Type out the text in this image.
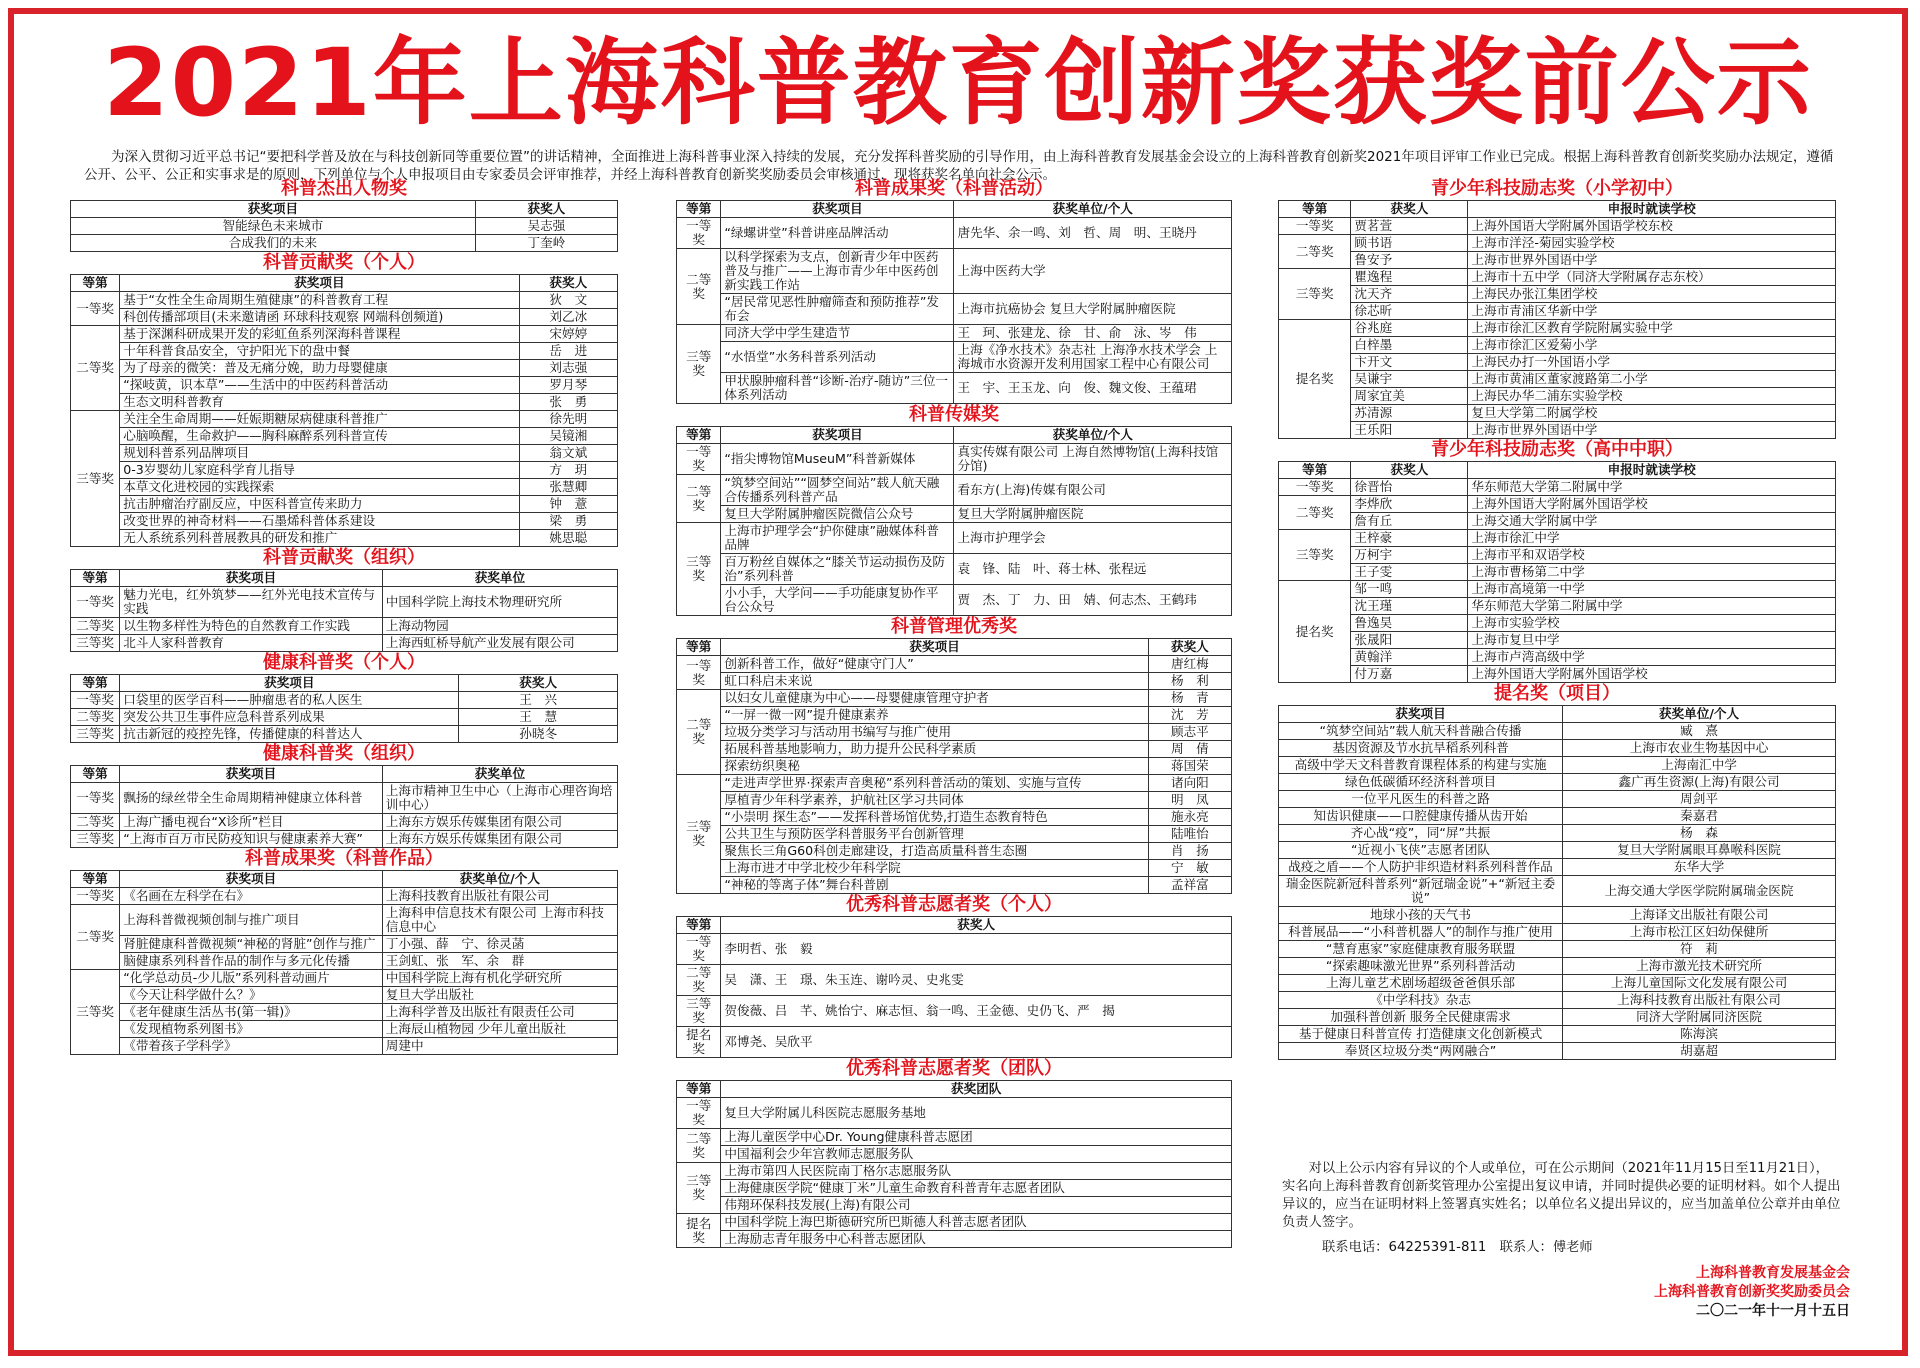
2021年上海科普教育创新奖获奖前公示
为深入贯彻习近平总书记“要把科学普及放在与科技创新同等重要位置”的讲话精神，全面推进上海科普事业深入持续的发展，充分发挥科普奖励的引导作用，由上海科普教育发展基金会设立的上海科普教育创新奖2021年项目评审工作业已完成。根据上海科普教育创新奖奖励办法规定，遵循公开、公平、公正和实事求是的原则，下列单位与个人申报项目由专家委员会评审推荐，并经上海科普教育创新奖奖励委员会审核通过，现将获奖名单向社会公示。
科普杰出人物奖
获奖项目	获奖人
智能绿色未来城市	吴志强
合成我们的未来	丁奎岭
科普贡献奖（个人）
等第	获奖项目	获奖人
一等奖	基于“女性全生命周期生殖健康”的科普教育工程	狄　文
	科创传播部项目(未来邀请函 环球科技观察 网端科创频道)	刘乙冰
二等奖	基于深渊科研成果开发的彩虹鱼系列深海科普课程	宋婷婷
	十年科普食品安全，守护阳光下的盘中餐	岳　进
	为了母亲的微笑：普及无痛分娩，助力母婴健康	刘志强
	“探岐黄，识本草”——生活中的中医药科普活动	罗月琴
	生态文明科普教育	张　勇
三等奖	关注全生命周期——妊娠期糖尿病健康科普推广	徐先明
	心脑唤醒，生命救护——胸科麻醉系列科普宣传	吴镜湘
	规划科普系列品牌项目	翁文斌
	0-3岁婴幼儿家庭科学育儿指导	方　玥
	本草文化进校园的实践探索	张慧卿
	抗击肿瘤治疗副反应，中医科普宣传来助力	钟　薏
	改变世界的神奇材料——石墨烯科普体系建设	梁　勇
	无人系统系列科普展教具的研发和推广	姚思聪
科普贡献奖（组织）
等第	获奖项目	获奖单位
一等奖	魅力光电，红外筑梦——红外光电技术宣传与实践	中国科学院上海技术物理研究所
二等奖	以生物多样性为特色的自然教育工作实践	上海动物园
三等奖	北斗人家科普教育	上海西虹桥导航产业发展有限公司
健康科普奖（个人）
等第	获奖项目	获奖人
一等奖	口袋里的医学百科——肿瘤患者的私人医生	王　兴
二等奖	突发公共卫生事件应急科普系列成果	王　慧
三等奖	抗击新冠的疫控先锋，传播健康的科普达人	孙晓冬
健康科普奖（组织）
等第	获奖项目	获奖单位
一等奖	飘扬的绿丝带全生命周期精神健康立体科普	上海市精神卫生中心（上海市心理咨询培训中心）
二等奖	上海广播电视台“X诊所”栏目	上海东方娱乐传媒集团有限公司
三等奖	“上海市百万市民防疫知识与健康素养大赛”	上海东方娱乐传媒集团有限公司
科普成果奖（科普作品）
等第	获奖项目	获奖单位/个人
一等奖	《名画在左科学在右》	上海科技教育出版社有限公司
二等奖	上海科普微视频创制与推广项目	上海科申信息技术有限公司 上海市科技信息中心
	肾脏健康科普微视频“神秘的肾脏”创作与推广	丁小强、薛　宁、徐灵菡
	脑健康系列科普作品的制作与多元化传播	王剑虹、张　军、余　群
三等奖	“化学总动员-少儿版”系列科普动画片	中国科学院上海有机化学研究所
	《今天让科学做什么？》	复旦大学出版社
	《老年健康生活丛书(第一辑)》	上海科学普及出版社有限责任公司
	《发现植物系列图书》	上海辰山植物园 少年儿童出版社
	《带着孩子学科学》	周建中
科普成果奖（科普活动）
等第	获奖项目	获奖单位/个人
一等奖	“绿螺讲堂”科普讲座品牌活动	唐先华、余一鸣、刘　哲、周　明、王晓丹
二等奖	以科学探索为支点，创新青少年中医药普及与推广——上海市青少年中医药创新实践工作站	上海中医药大学
	“居民常见恶性肿瘤筛查和预防推荐”发布会	上海市抗癌协会 复旦大学附属肿瘤医院
三等奖	同济大学中学生建造节	王　珂、张建龙、徐　甘、俞　泳、岑　伟
	“水悟堂”水务科普系列活动	上海《净水技术》杂志社 上海净水技术学会 上海城市水资源开发利用国家工程中心有限公司
	甲状腺肿瘤科普“诊断-治疗-随访”三位一体系列活动	王　宇、王玉龙、向　俊、魏文俊、王蕴珺
科普传媒奖
等第	获奖项目	获奖单位/个人
一等奖	“指尖博物馆MuseuM”科普新媒体	真实传媒有限公司 上海自然博物馆(上海科技馆分馆)
二等奖	“筑梦空间站”“圆梦空间站”载人航天融合传播系列科普产品	看东方(上海)传媒有限公司
	复旦大学附属肿瘤医院微信公众号	复旦大学附属肿瘤医院
三等奖	上海市护理学会“护你健康”融媒体科普品牌	上海市护理学会
	百万粉丝自媒体之“膝关节运动损伤及防治”系列科普	袁　锋、陆　叶、蒋士林、张程远
	小小手，大学问——手功能康复协作平台公众号	贾　杰、丁　力、田　婧、何志杰、王鹤玮
科普管理优秀奖
等第	获奖项目	获奖人
一等奖	创新科普工作，做好“健康守门人”	唐红梅
	虹口科启未来说	杨　利
二等奖	以妇女儿童健康为中心——母婴健康管理守护者	杨　青
	“一屏一微一网”提升健康素养	沈　芳
	垃圾分类学习与活动用书编写与推广使用	顾志平
	拓展科普基地影响力，助力提升公民科学素质	周　倩
	探索纺织奥秘	蒋国荣
三等奖	“走进声学世界·探索声音奥秘”系列科普活动的策划、实施与宣传	诸向阳
	厚植青少年科学素养，护航社区学习共同体	明　凤
	“小崇明 探生态”——发挥科普场馆优势,打造生态教育特色	施永亮
	公共卫生与预防医学科普服务平台创新管理	陆唯怡
	聚焦长三角G60科创走廊建设，打造高质量科普生态圈	肖　扬
	上海市进才中学北校少年科学院	宁　敏
	“神秘的等离子体”舞台科普剧	孟祥富
优秀科普志愿者奖（个人）
等第	获奖人
一等奖	李明哲、张　毅
二等奖	吴　潇、王　璟、朱玉连、谢吟灵、史兆雯
三等奖	贺俊薇、吕　芊、姚怡宁、麻志恒、翁一鸣、王金德、史仍飞、严　揭
提名奖	邓博尧、吴欣平
优秀科普志愿者奖（团队）
等第	获奖团队
一等奖	复旦大学附属儿科医院志愿服务基地
二等奖	上海儿童医学中心Dr. Young健康科普志愿团
	中国福利会少年宫教师志愿服务队
三等奖	上海市第四人民医院南丁格尔志愿服务队
	上海健康医学院“健康丁米”儿童生命教育科普青年志愿者团队
	伟翔环保科技发展(上海)有限公司
提名奖	中国科学院上海巴斯德研究所巴斯德人科普志愿者团队
	上海励志青年服务中心科普志愿团队
青少年科技励志奖（小学初中）
等第	获奖人	申报时就读学校
一等奖	贾茗萱	上海外国语大学附属外国语学校东校
二等奖	顾书语	上海市洋泾-菊园实验学校
	鲁安予	上海市世界外国语中学
三等奖	瞿逸程	上海市十五中学（同济大学附属存志东校）
	沈天齐	上海民办张江集团学校
	徐芯昕	上海市青浦区华新中学
提名奖	谷兆庭	上海市徐汇区教育学院附属实验中学
	白梓墨	上海市徐汇区爱菊小学
	卞开文	上海民办打一外国语小学
	吴谦宇	上海市黄浦区董家渡路第二小学
	周家宜美	上海民办华二浦东实验学校
	苏清源	复旦大学第二附属学校
	王乐阳	上海市世界外国语中学
青少年科技励志奖（高中中职）
等第	获奖人	申报时就读学校
一等奖	徐晋怡	华东师范大学第二附属中学
二等奖	李烨欣	上海外国语大学附属外国语学校
	詹有丘	上海交通大学附属中学
三等奖	王梓豪	上海市徐汇中学
	万柯宇	上海市平和双语学校
	王子雯	上海市曹杨第二中学
提名奖	邹一鸣	上海市高境第一中学
	沈王瑾	华东师范大学第二附属中学
	鲁逸昊	上海市实验学校
	张晟阳	上海市复旦中学
	黄翰洋	上海市卢湾高级中学
	付万嘉	上海外国语大学附属外国语学校
提名奖（项目）
获奖项目	获奖单位/个人
“筑梦空间站”载人航天科普融合传播	臧　熹
基因资源及节水抗旱稻系列科普	上海市农业生物基因中心
高级中学天文科普教育课程体系的构建与实施	上海南汇中学
绿色低碳循环经济科普项目	鑫广再生资源(上海)有限公司
一位平凡医生的科普之路	周剑平
知齿识健康——口腔健康传播从齿开始	秦嘉君
齐心战“疫”，同“屏”共振	杨　森
“近视小飞侠”志愿者团队	复旦大学附属眼耳鼻喉科医院
战疫之盾——个人防护非织造材料系列科普作品	东华大学
瑞金医院新冠科普系列“新冠瑞金说”+“新冠主委说”	上海交通大学医学院附属瑞金医院
地球小孩的天气书	上海译文出版社有限公司
科普展品——“小科普机器人”的制作与推广使用	上海市松江区妇幼保健所
“慧育惠家”家庭健康教育服务联盟	符　莉
“探索趣味激光世界”系列科普活动	上海市激光技术研究所
上海儿童艺术剧场超级爸爸俱乐部	上海儿童国际文化发展有限公司
《中学科技》杂志	上海科技教育出版社有限公司
加强科普创新 服务全民健康需求	同济大学附属同济医院
基于健康日科普宣传 打造健康文化创新模式	陈海滨
奉贤区垃圾分类“两网融合”	胡嘉超
对以上公示内容有异议的个人或单位，可在公示期间（2021年11月15日至11月21日），实名向上海科普教育创新奖管理办公室提出复议申请，并同时提供必要的证明材料。如个人提出异议的，应当在证明材料上签署真实姓名；以单位名义提出异议的，应当加盖单位公章并由单位负责人签字。
联系电话：64225391-811　联系人：傅老师
上海科普教育发展基金会
上海科普教育创新奖奖励委员会
二〇二一年十一月十五日
